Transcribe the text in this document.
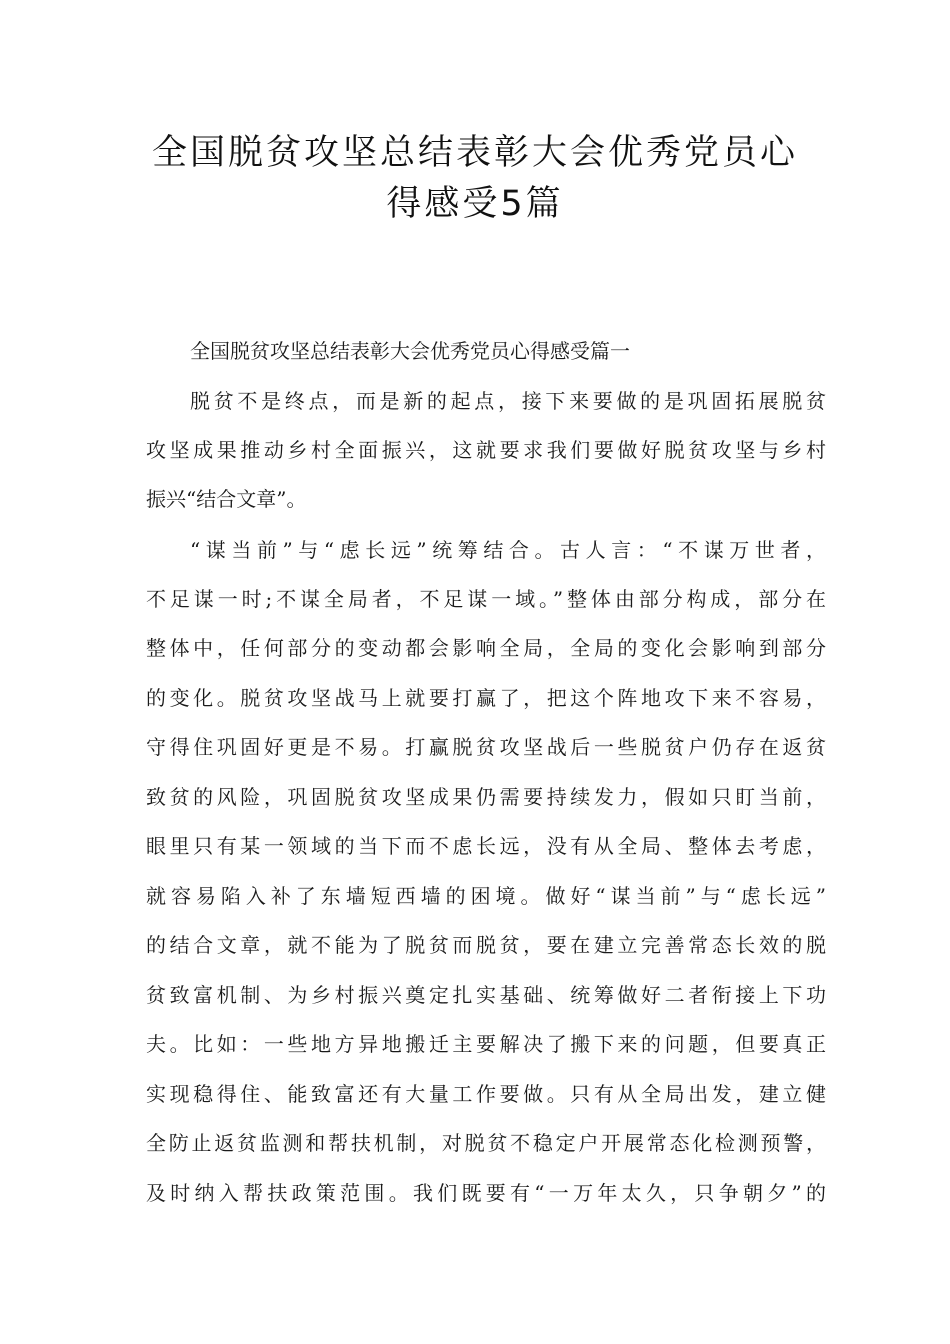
全国脱贫攻坚总结表彰大会优秀党员心
得感受5篇
全国脱贫攻坚总结表彰大会优秀党员心得感受篇一

脱贫不是终点，而是新的起点，接下来要做的是巩固拓展脱贫

攻坚成果推动乡村全面振兴，这就要求我们要做好脱贫攻坚与乡村

振兴“结合文章”。

“谋当前”与“虑长远”统筹结合。古人言：“不谋万世者，

不足谋一时;不谋全局者，不足谋一域。”整体由部分构成，部分在

整体中，任何部分的变动都会影响全局，全局的变化会影响到部分

的变化。脱贫攻坚战马上就要打赢了，把这个阵地攻下来不容易，

守得住巩固好更是不易。打赢脱贫攻坚战后一些脱贫户仍存在返贫

致贫的风险，巩固脱贫攻坚成果仍需要持续发力，假如只盯当前，

眼里只有某一领域的当下而不虑长远，没有从全局、整体去考虑，

就容易陷入补了东墙短西墙的困境。做好“谋当前”与“虑长远”

的结合文章，就不能为了脱贫而脱贫，要在建立完善常态长效的脱

贫致富机制、为乡村振兴奠定扎实基础、统筹做好二者衔接上下功

夫。比如：一些地方异地搬迁主要解决了搬下来的问题，但要真正

实现稳得住、能致富还有大量工作要做。只有从全局出发，建立健

全防止返贫监测和帮扶机制，对脱贫不稳定户开展常态化检测预警，

及时纳入帮扶政策范围。我们既要有“一万年太久，只争朝夕”的
